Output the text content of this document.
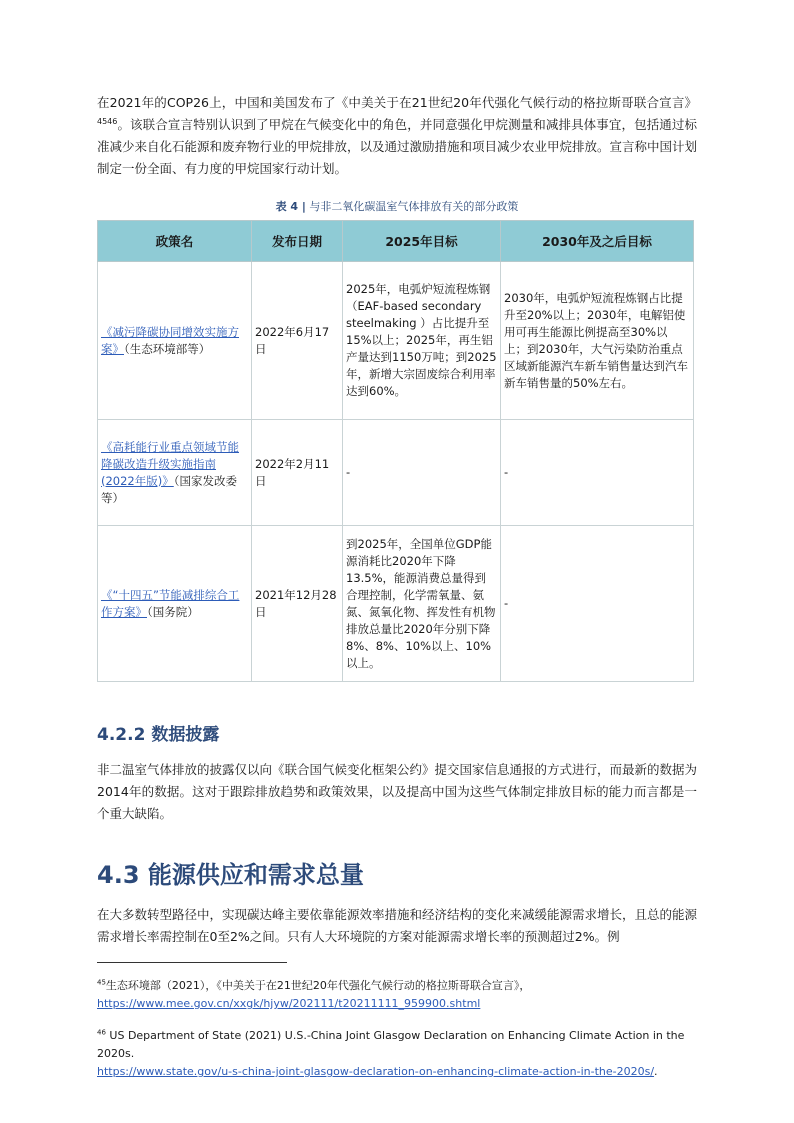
在2021年的COP26上，中国和美国发布了《中美关于在21世纪20年代强化气候行动的格拉斯哥联合宣言》$^{4546}$。该联合宣言特别认识到了甲烷在气候变化中的角色，并同意强化甲烷测量和减排具体事宜，包括通过标准减少来自化石能源和废弃物行业的甲烷排放，以及通过激励措施和项目减少农业甲烷排放。宣言称中国计划制定一份全面、有力度的甲烷国家行动计划。

表 4 | 与非二氧化碳温室气体排放有关的部分政策
政策名	发布日期	2025年目标	2030年及之后目标
《减污降碳协同增效实施方案》（生态环境部等）	2022年6月17日	2025年，电弧炉短流程炼钢（EAF-based secondary steelmaking ）占比提升至15%以上；2025年，再生铝产量达到1150万吨；到2025年，新增大宗固废综合利用率达到60%。	2030年，电弧炉短流程炼钢占比提升至20%以上；2030年，电解铝使用可再生能源比例提高至30%以上；到2030年，大气污染防治重点区域新能源汽车新车销售量达到汽车新车销售量的50%左右。
《高耗能行业重点领域节能降碳改造升级实施指南(2022年版)》（国家发改委等）	2022年2月11日	-	-
《“十四五”节能减排综合工作方案》（国务院）	2021年12月28日	到2025年，全国单位GDP能源消耗比2020年下降13.5%，能源消费总量得到合理控制，化学需氧量、氨氮、氮氧化物、挥发性有机物排放总量比2020年分别下降8%、8%、10%以上、10%以上。	-
4.2.2 数据披露

非二温室气体排放的披露仅以向《联合国气候变化框架公约》提交国家信息通报的方式进行，而最新的数据为2014年的数据。这对于跟踪排放趋势和政策效果，以及提高中国为这些气体制定排放目标的能力而言都是一个重大缺陷。

4.3 能源供应和需求总量

在大多数转型路径中，实现碳达峰主要依靠能源效率措施和经济结构的变化来减缓能源需求增长，且总的能源需求增长率需控制在0至2%之间。只有人大环境院的方案对能源需求增长率的预测超过2%。例

$^{45}$生态环境部（2021），《中美关于在21世纪20年代强化气候行动的格拉斯哥联合宣言》，
https://www.mee.gov.cn/xxgk/hjyw/202111/t20211111_959900.shtml

$^{46}$ US Department of State (2021) U.S.-China Joint Glasgow Declaration on Enhancing Climate Action in the 2020s.
https://www.state.gov/u-s-china-joint-glasgow-declaration-on-enhancing-climate-action-in-the-2020s/.
